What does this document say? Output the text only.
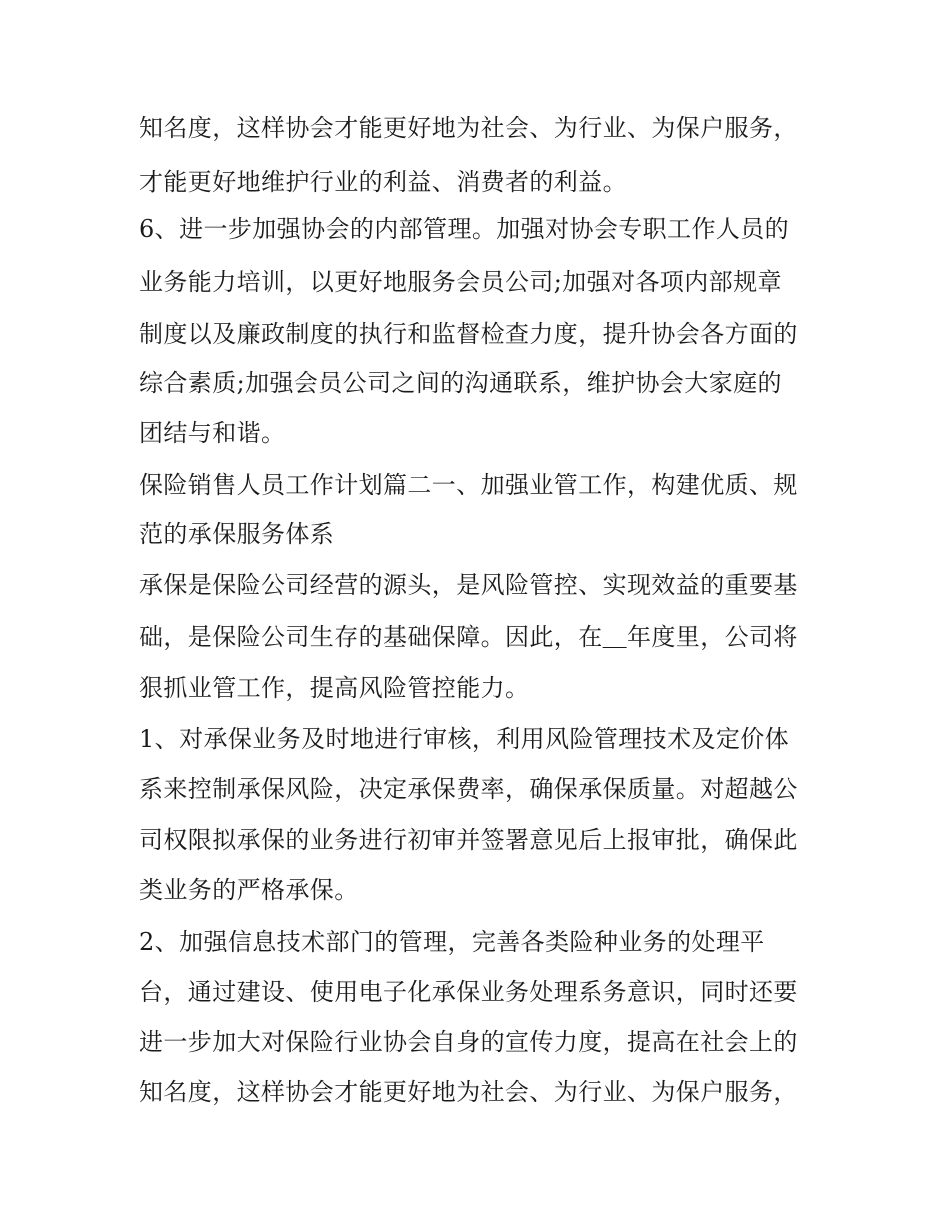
知名度，这样协会才能更好地为社会、为行业、为保户服务，

才能更好地维护行业的利益、消费者的利益。

6、进一步加强协会的内部管理。加强对协会专职工作人员的

业务能力培训，以更好地服务会员公司;加强对各项内部规章

制度以及廉政制度的执行和监督检查力度，提升协会各方面的

综合素质;加强会员公司之间的沟通联系，维护协会大家庭的

团结与和谐。

保险销售人员工作计划篇二一、加强业管工作，构建优质、规

范的承保服务体系

承保是保险公司经营的源头，是风险管控、实现效益的重要基

础，是保险公司生存的基础保障。因此，在＿年度里，公司将

狠抓业管工作，提高风险管控能力。

1、对承保业务及时地进行审核，利用风险管理技术及定价体

系来控制承保风险，决定承保费率，确保承保质量。对超越公

司权限拟承保的业务进行初审并签署意见后上报审批，确保此

类业务的严格承保。

2、加强信息技术部门的管理，完善各类险种业务的处理平

台，通过建设、使用电子化承保业务处理系务意识，同时还要

进一步加大对保险行业协会自身的宣传力度，提高在社会上的

知名度，这样协会才能更好地为社会、为行业、为保户服务，
